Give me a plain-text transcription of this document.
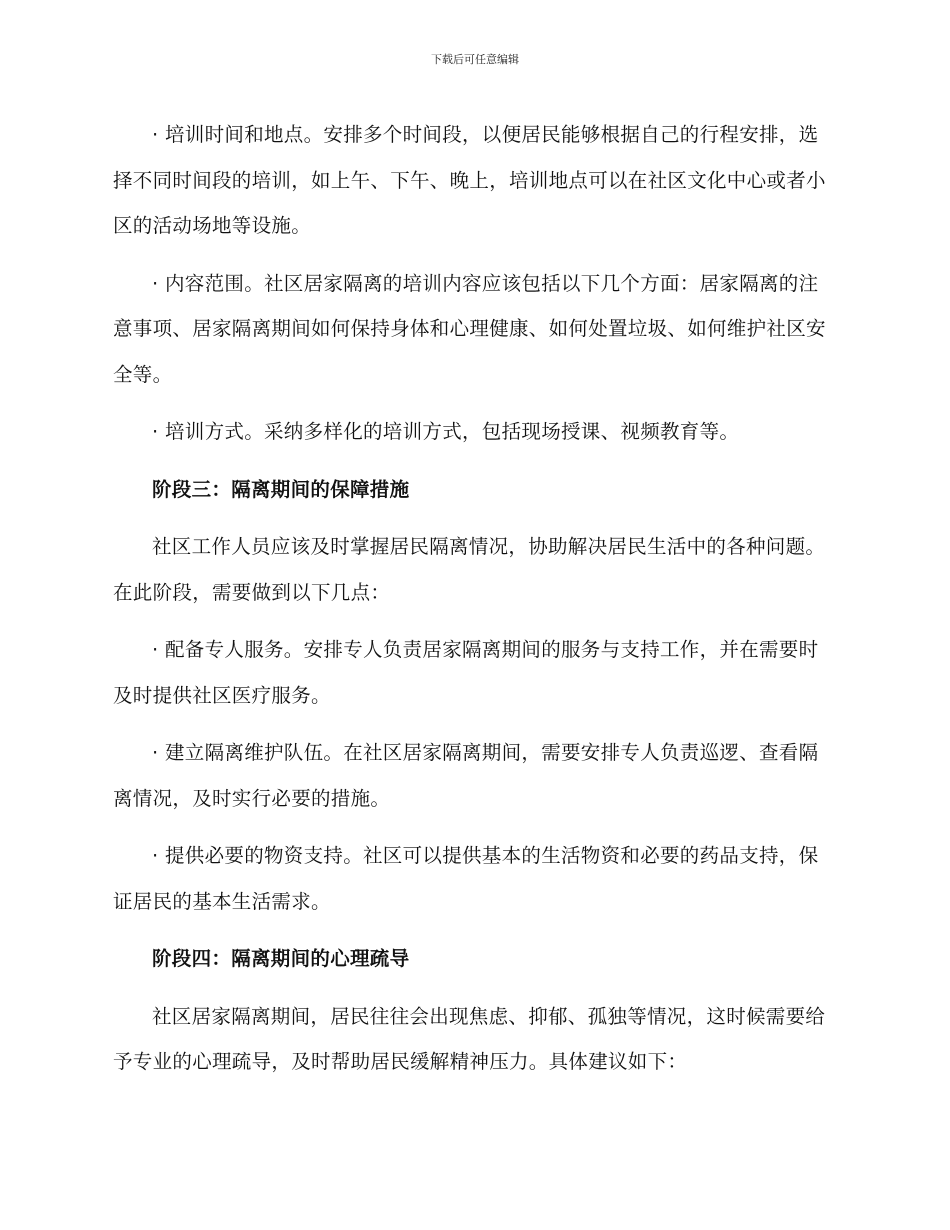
下载后可任意编辑

· 培训时间和地点。安排多个时间段，以便居民能够根据自己的行程安排，选择不同时间段的培训，如上午、下午、晚上，培训地点可以在社区文化中心或者小区的活动场地等设施。

· 内容范围。社区居家隔离的培训内容应该包括以下几个方面：居家隔离的注意事项、居家隔离期间如何保持身体和心理健康、如何处置垃圾、如何维护社区安全等。

· 培训方式。采纳多样化的培训方式，包括现场授课、视频教育等。

阶段三：隔离期间的保障措施

社区工作人员应该及时掌握居民隔离情况，协助解决居民生活中的各种问题。在此阶段，需要做到以下几点：

· 配备专人服务。安排专人负责居家隔离期间的服务与支持工作，并在需要时及时提供社区医疗服务。

· 建立隔离维护队伍。在社区居家隔离期间，需要安排专人负责巡逻、查看隔离情况，及时实行必要的措施。

· 提供必要的物资支持。社区可以提供基本的生活物资和必要的药品支持，保证居民的基本生活需求。

阶段四：隔离期间的心理疏导

社区居家隔离期间，居民往往会出现焦虑、抑郁、孤独等情况，这时候需要给予专业的心理疏导，及时帮助居民缓解精神压力。具体建议如下：
